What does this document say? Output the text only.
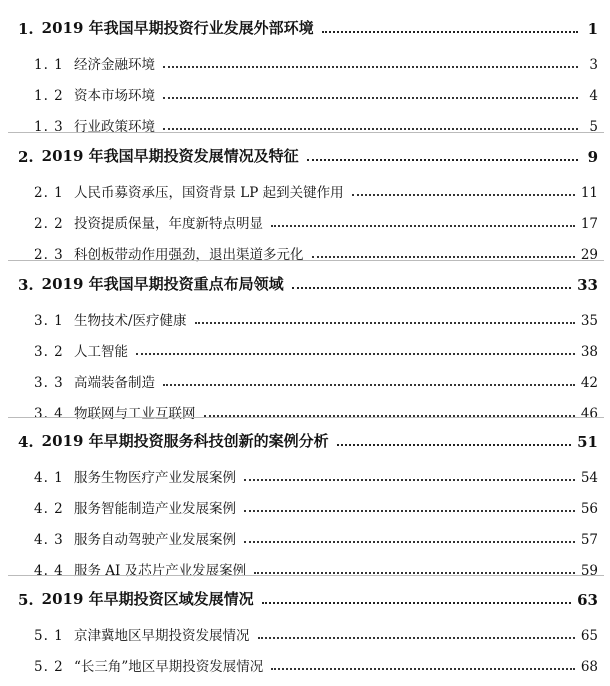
1. 2019 年我国早期投资行业发展外部环境	1
1. 1 经济金融环境	3
1. 2 资本市场环境	4
1. 3 行业政策环境	5
2. 2019 年我国早期投资发展情况及特征	9
2. 1 人民币募资承压，国资背景 LP 起到关键作用	11
2. 2 投资提质保量，年度新特点明显	17
2. 3 科创板带动作用强劲，退出渠道多元化	29
3. 2019 年我国早期投资重点布局领域	33
3. 1 生物技术/医疗健康	35
3. 2 人工智能	38
3. 3 高端装备制造	42
3. 4 物联网与工业互联网	46
4. 2019 年早期投资服务科技创新的案例分析	51
4. 1 服务生物医疗产业发展案例	54
4. 2 服务智能制造产业发展案例	56
4. 3 服务自动驾驶产业发展案例	57
4. 4 服务 AI 及芯片产业发展案例	59
5. 2019 年早期投资区域发展情况	63
5. 1 京津冀地区早期投资发展情况	65
5. 2 “长三角”地区早期投资发展情况	68
